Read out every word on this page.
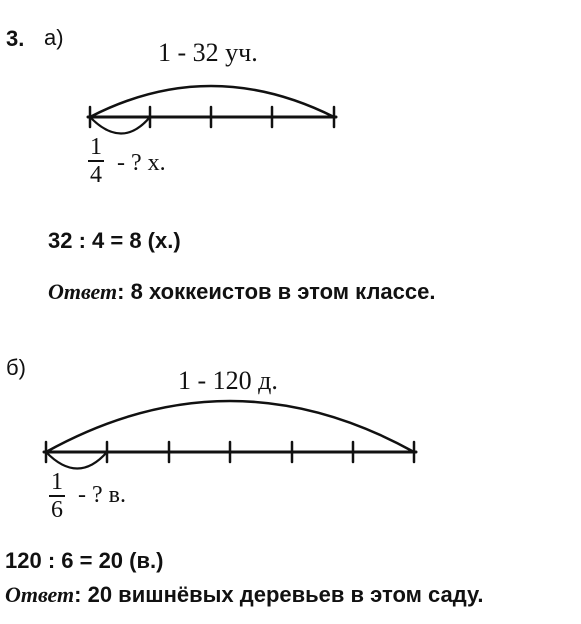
3. а)
1 - 32 уч.
1
4 - ? х.
32 : 4 = 8 (х.)
Ответ: 8 хоккеистов в этом классе.
б)	1 - 120 д.
1
6
- ? в.
120 : 6 = 20 (в.)
Ответ: 20 вишнёвых деревьев в этом саду.
